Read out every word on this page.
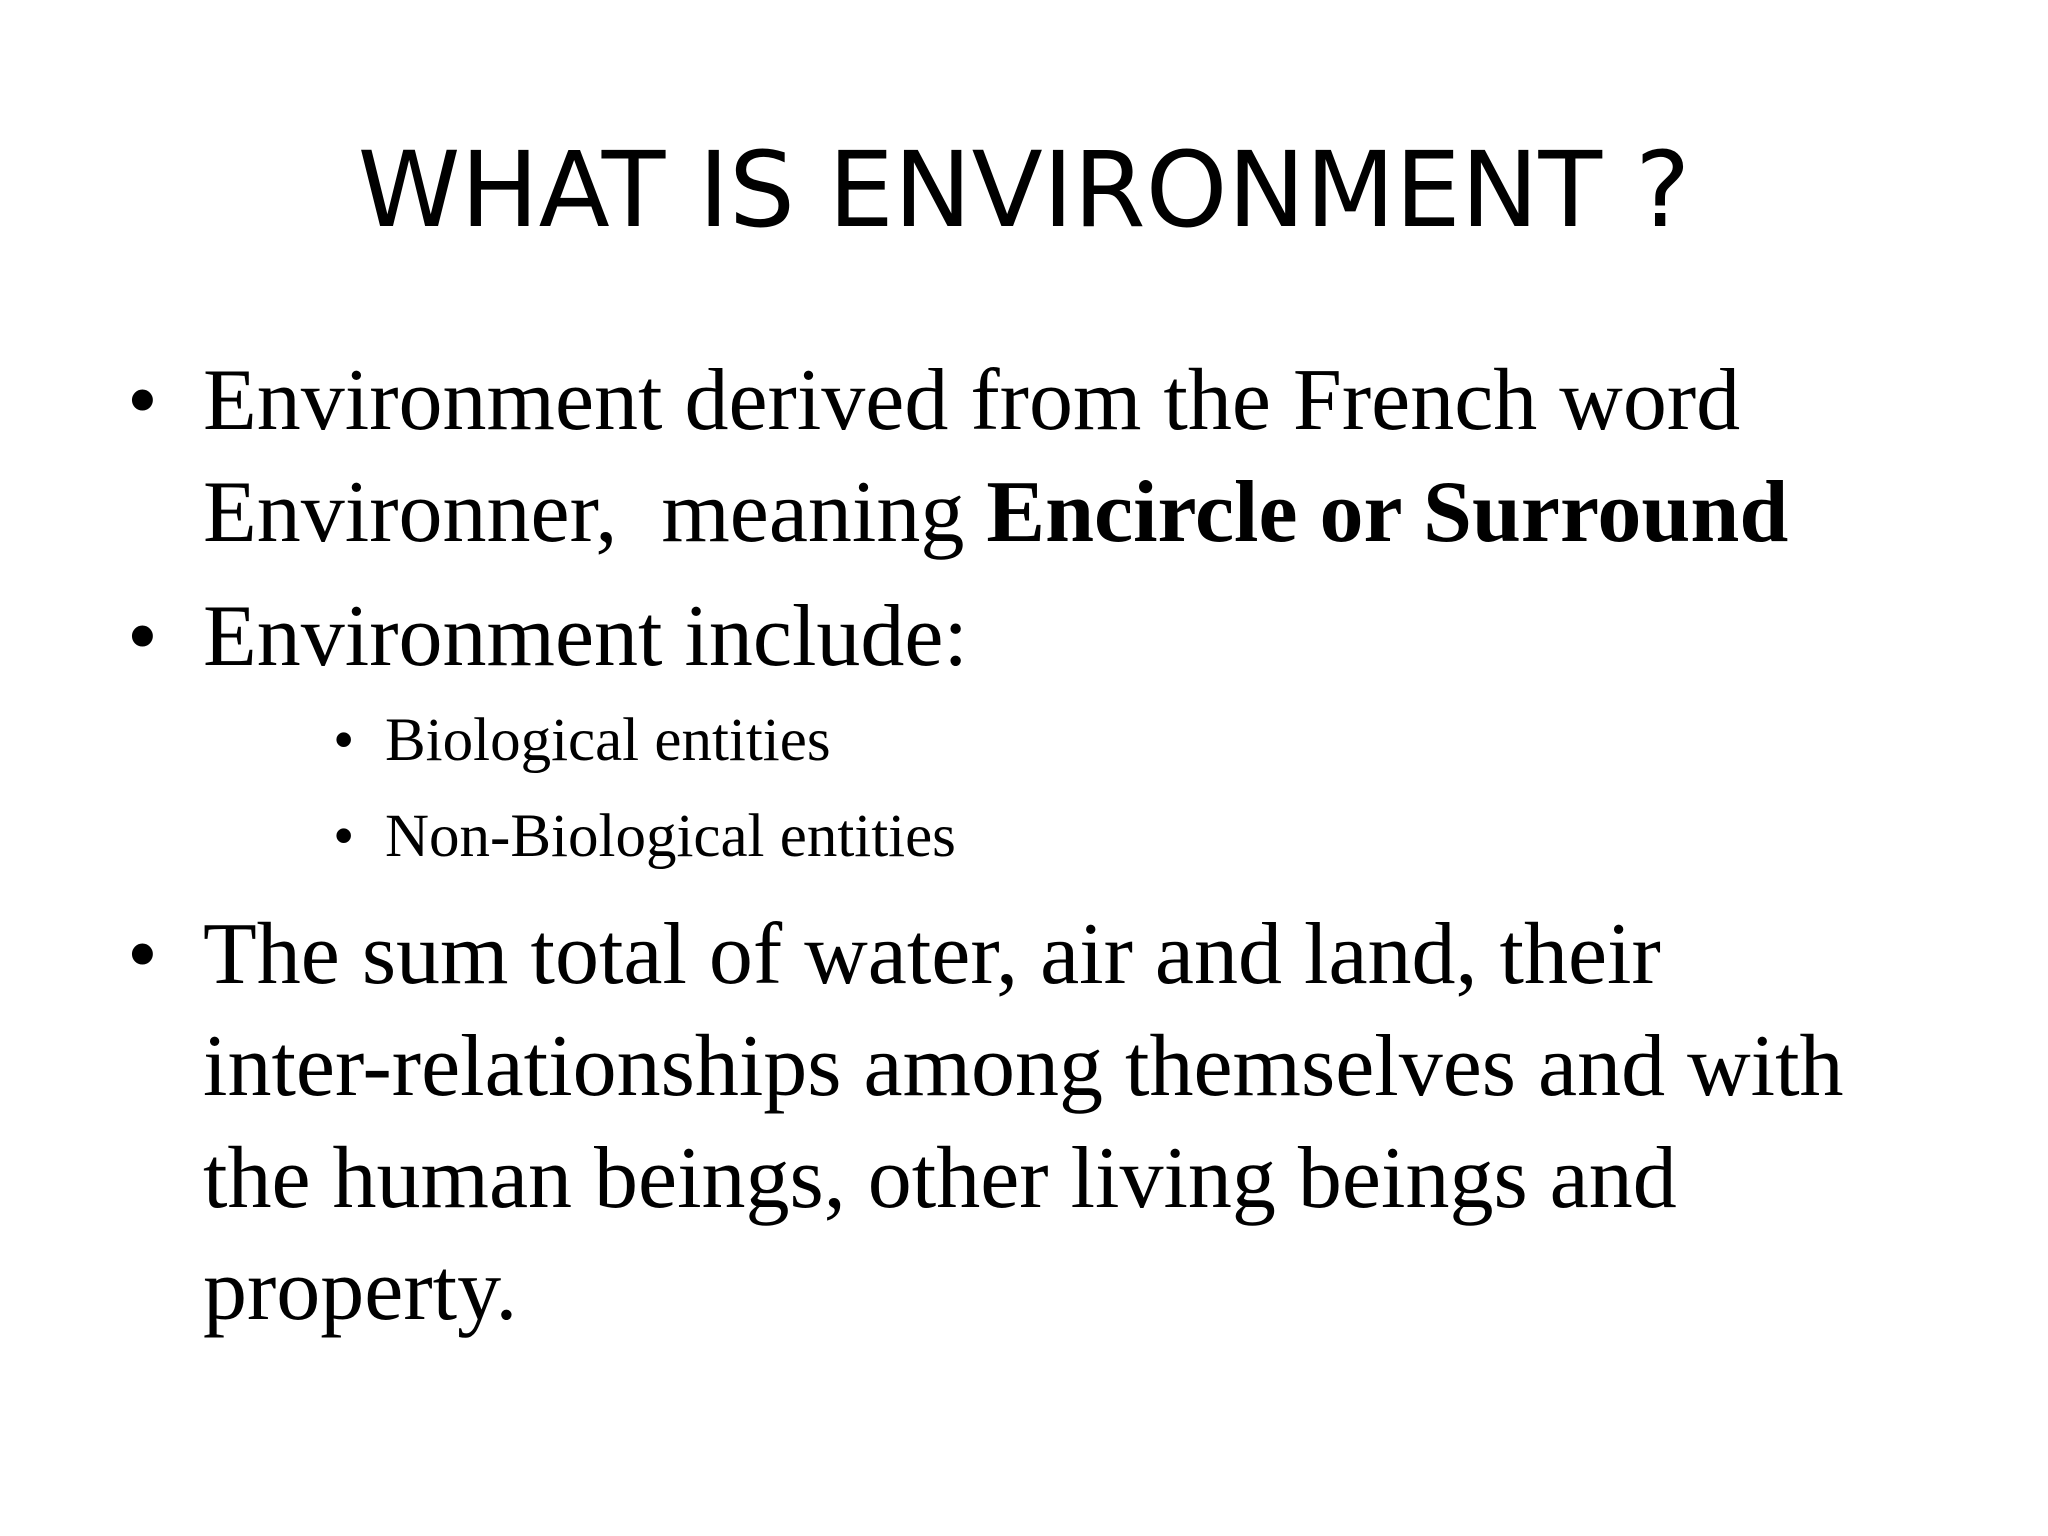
WHAT IS ENVIRONMENT ?
• Environment derived from the French word
Environner,  meaning Encircle or Surround
• Environment include:
• Biological entities
• Non-Biological entities
• The sum total of water, air and land, their
inter-relationships among themselves and with
the human beings, other living beings and
property.
